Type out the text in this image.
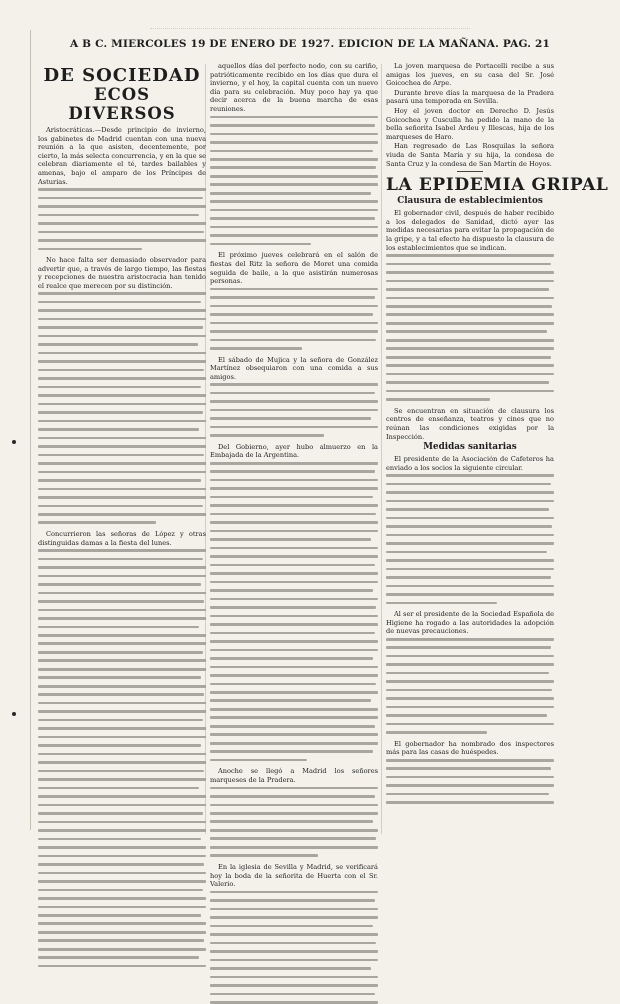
A B C. MIERCOLES 19 DE ENERO DE 1927. EDICION DE LA MAÑANA. PAG. 21
DE SOCIEDAD
ECOS DIVERSOS

Aristocráticas.—Desde principio de invierno, los gabinetes de Madrid cuentan con una nueva reunión a la que asisten, decentemente, por cierto, la más selecta concurrencia, y en la que se celebran diariamente el té, tardes bailables y amenas, bajo el amparo de los Príncipes de Asturias.

No hace falta ser demasiado observador para advertir que, a través de largo tiempo, las fiestas y recepciones de nuestra aristocracia han tenido el realce que merecen por su distinción.

Concurrieron las señoras de López y otras distinguidas damas a la fiesta del lunes.

aquellos días del perfecto nodo, con su cariño, patrióticamente recibido en los días que dura el invierno, y el hoy, la capital cuenta con un nuevo día para su celebración. Muy poco hay ya que decir acerca de la buena marcha de esas reuniones.

El próximo jueves celebrará en el salón de fiestas del Ritz la señora de Moret una comida seguida de baile, a la que asistirán numerosas personas.

El sábado de Mujica y la señora de González Martínez obsequiaron con una comida a sus amigos.

Del Gobierno, ayer hubo almuerzo en la Embajada de la Argentina.

Anoche se llegó a Madrid los señores marqueses de la Pradera.

En la iglesia de Sevilla y Madrid, se verificará hoy la boda de la señorita de Huerta con el Sr. Valerio.

La joven marquesa de Portacelli recibe a sus amigas los jueves, en su casa del Sr. José Goicochea de Arpe.

Durante breve días la marquesa de la Pradera pasará una temporada en Sevilla.

Hoy el joven doctor en Derecho D. Jesús Goicochea y Cusculla ha pedido la mano de la bella señorita Isabel Ardeu y Illescas, hija de los marqueses de Haro.

Han regresado de Las Rosquilas la señora viuda de Santa María y su hija, la condesa de Santa Cruz y la condesa de San Martín de Hoyos.

LA EPIDEMIA GRIPAL
Clausura de establecimientos

El gobernador civil, después de haber recibido a los delegados de Sanidad, dictó ayer las medidas necesarias para evitar la propagación de la gripe, y a tal efecto ha dispuesto la clausura de los establecimientos que se indican.

Se encuentran en situación de clausura los centros de enseñanza, teatros y cines que no reúnan las condiciones exigidas por la Inspección.

Medidas sanitarias

El presidente de la Asociación de Cafeteros ha enviado a los socios la siguiente circular.

Al ser el presidente de la Sociedad Española de Higiene ha rogado a las autoridades la adopción de nuevas precauciones.

El gobernador ha nombrado dos inspectores más para las casas de huéspedes.
